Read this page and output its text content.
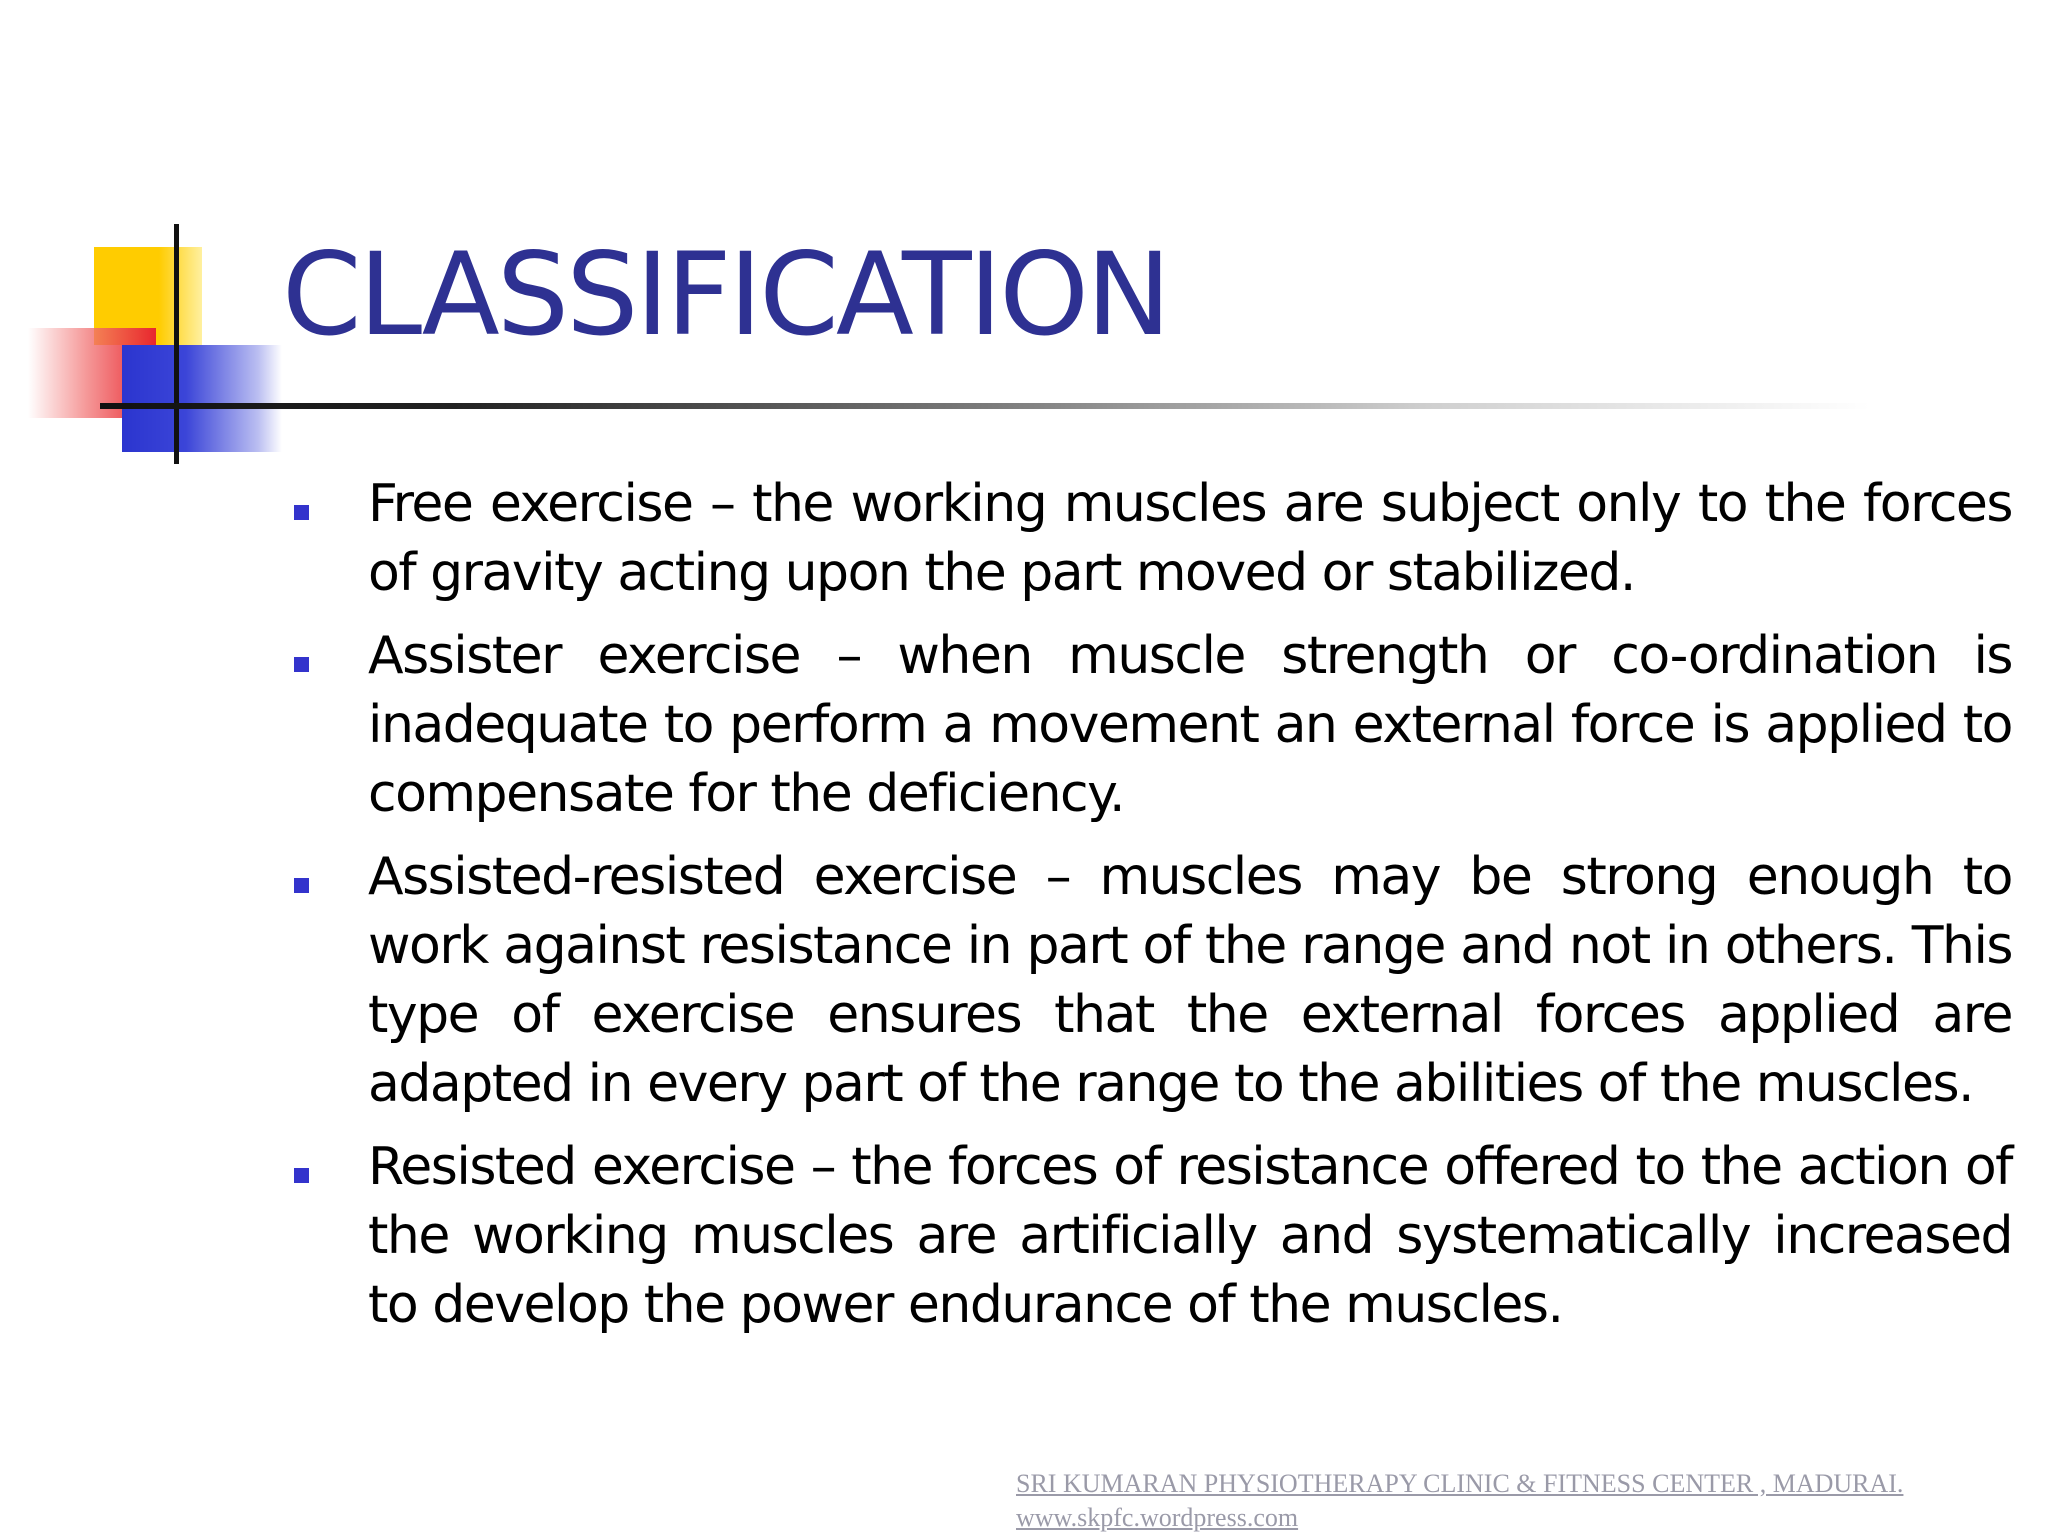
CLASSIFICATION
Free exercise – the working muscles are subject only to the forces of gravity acting upon the part moved or stabilized.
Assister exercise – when muscle strength or co-ordination is inadequate to perform a movement an external force is applied to compensate for the deficiency.
Assisted-resisted exercise – muscles may be strong enough to work against resistance in part of the range and not in others. This type of exercise ensures that the external forces applied are adapted in every part of the range to the abilities of the muscles.
Resisted exercise – the forces of resistance offered to the action of the working muscles are artificially and systematically increased to develop the power endurance of the muscles.
SRI KUMARAN PHYSIOTHERAPY CLINIC & FITNESS CENTER , MADURAI.
www.skpfc.wordpress.com
